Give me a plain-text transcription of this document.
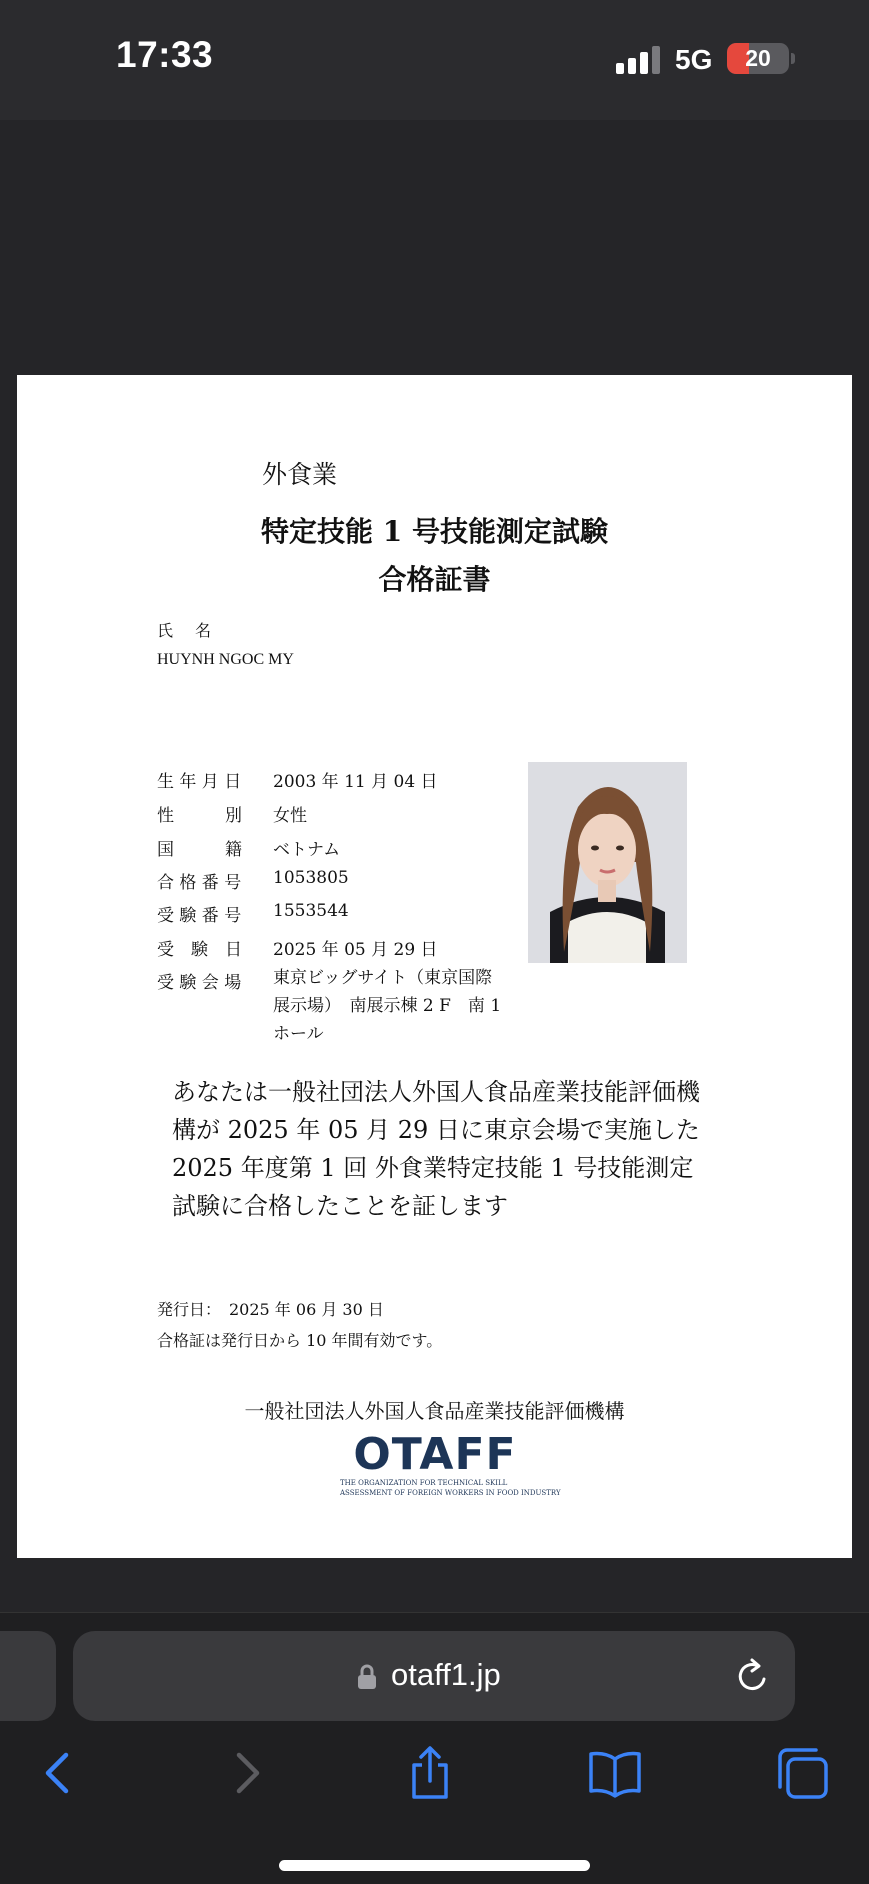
17:33	5G	20
外食業
特定技能 1 号技能測定試験
合格証書
氏名
HUYNH NGOC MY
生 年 月 日	2003 年 11 月 04 日
性　　　別	女性
国　　　籍	ベトナム
合 格 番 号	1053805
受 験 番 号	1553544
受　験　日	2025 年 05 月 29 日
受 験 会 場	東京ビッグサイト（東京国際展示場）　南展示棟 2 F　南 1 ホール
あなたは一般社団法人外国人食品産業技能評価機構が 2025 年 05 月 29 日に東京会場で実施した 2025 年度第 1 回 外食業特定技能 1 号技能測定試験に合格したことを証します
発行日：　2025 年 06 月 30 日
合格証は発行日から 10 年間有効です。
一般社団法人外国人食品産業技能評価機構
OTAFF
THE ORGANIZATION FOR TECHNICAL SKILL
ASSESSMENT OF FOREIGN WORKERS IN FOOD INDUSTRY
otaff1.jp
